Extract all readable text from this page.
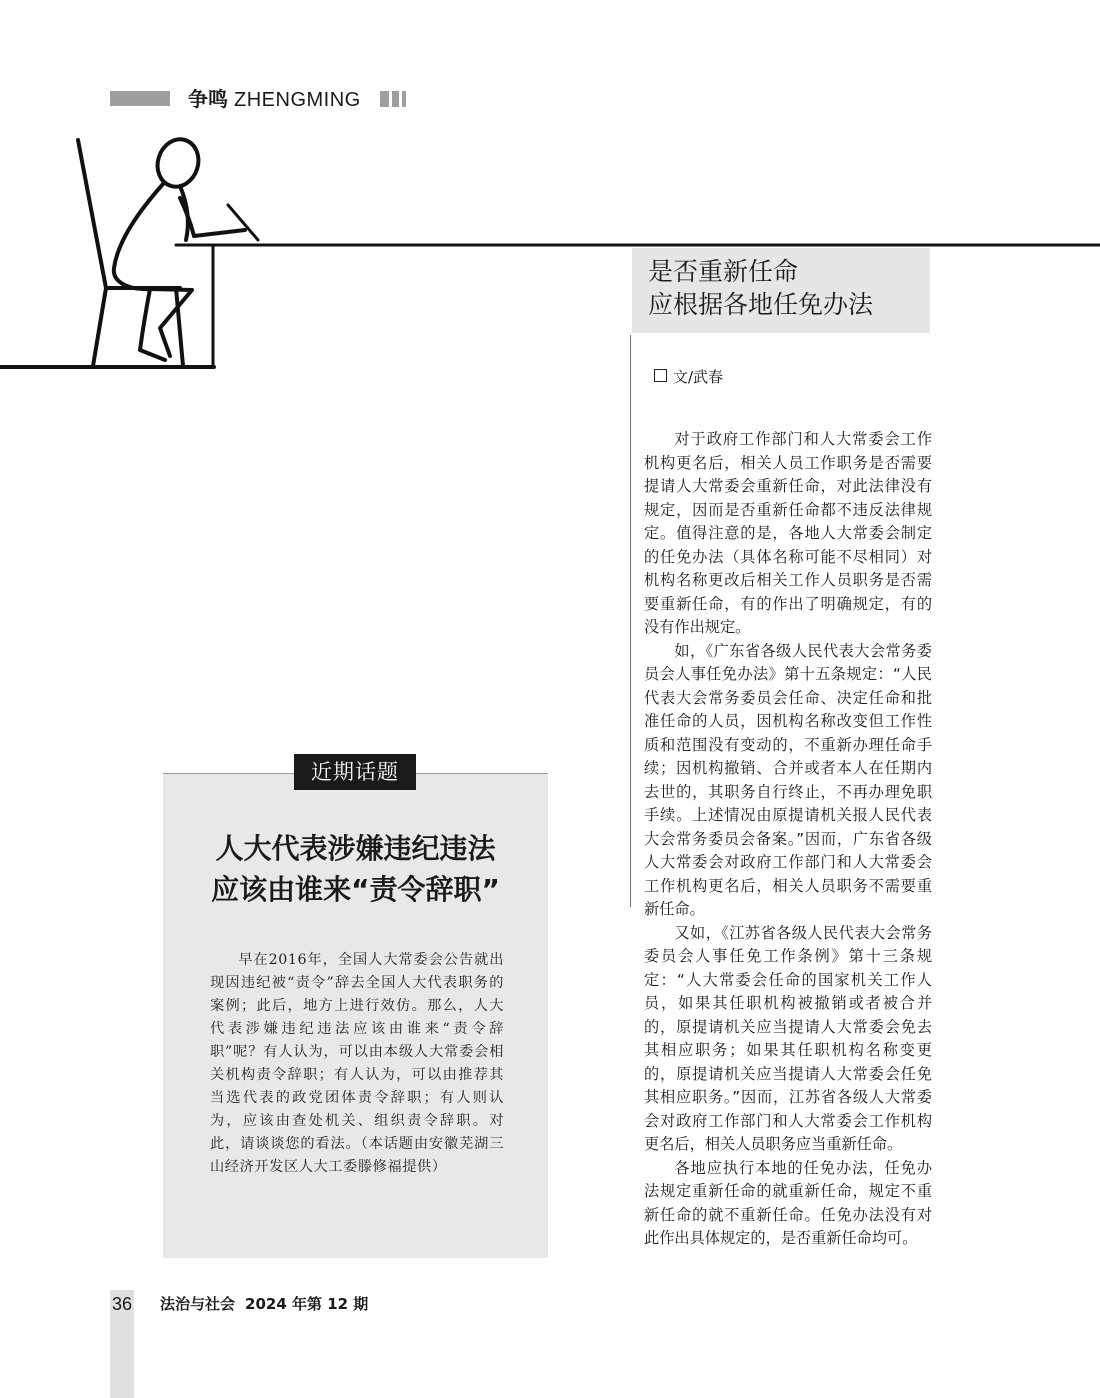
争鸣 ZHENGMING
是否重新任命
应根据各地任免办法
文/武春

对于政府工作部门和人大常委会工作机构更名后，相关人员工作职务是否需要提请人大常委会重新任命，对此法律没有规定，因而是否重新任命都不违反法律规定。值得注意的是，各地人大常委会制定的任免办法（具体名称可能不尽相同）对机构名称更改后相关工作人员职务是否需要重新任命，有的作出了明确规定，有的没有作出规定。

如，《广东省各级人民代表大会常务委员会人事任免办法》第十五条规定：“人民代表大会常务委员会任命、决定任命和批准任命的人员，因机构名称改变但工作性质和范围没有变动的，不重新办理任命手续；因机构撤销、合并或者本人在任期内去世的，其职务自行终止，不再办理免职手续。上述情况由原提请机关报人民代表大会常务委员会备案。”因而，广东省各级人大常委会对政府工作部门和人大常委会工作机构更名后，相关人员职务不需要重新任命。

又如，《江苏省各级人民代表大会常务委员会人事任免工作条例》第十三条规定：“人大常委会任命的国家机关工作人员，如果其任职机构被撤销或者被合并的，原提请机关应当提请人大常委会免去其相应职务；如果其任职机构名称变更的，原提请机关应当提请人大常委会任免其相应职务。”因而，江苏省各级人大常委会对政府工作部门和人大常委会工作机构更名后，相关人员职务应当重新任命。

各地应执行本地的任免办法，任免办法规定重新任命的就重新任命，规定不重新任命的就不重新任命。任免办法没有对此作出具体规定的，是否重新任命均可。

近期话题
人大代表涉嫌违纪违法
应该由谁来“责令辞职”

早在2016年，全国人大常委会公告就出现因违纪被“责令”辞去全国人大代表职务的案例；此后，地方上进行效仿。那么，人大代表涉嫌违纪违法应该由谁来“责令辞职”呢？有人认为，可以由本级人大常委会相关机构责令辞职；有人认为，可以由推荐其当选代表的政党团体责令辞职；有人则认为，应该由查处机关、组织责令辞职。对此，请谈谈您的看法。（本话题由安徽芜湖三山经济开发区人大工委滕修福提供）

36 法治与社会 2024 年第 12 期
